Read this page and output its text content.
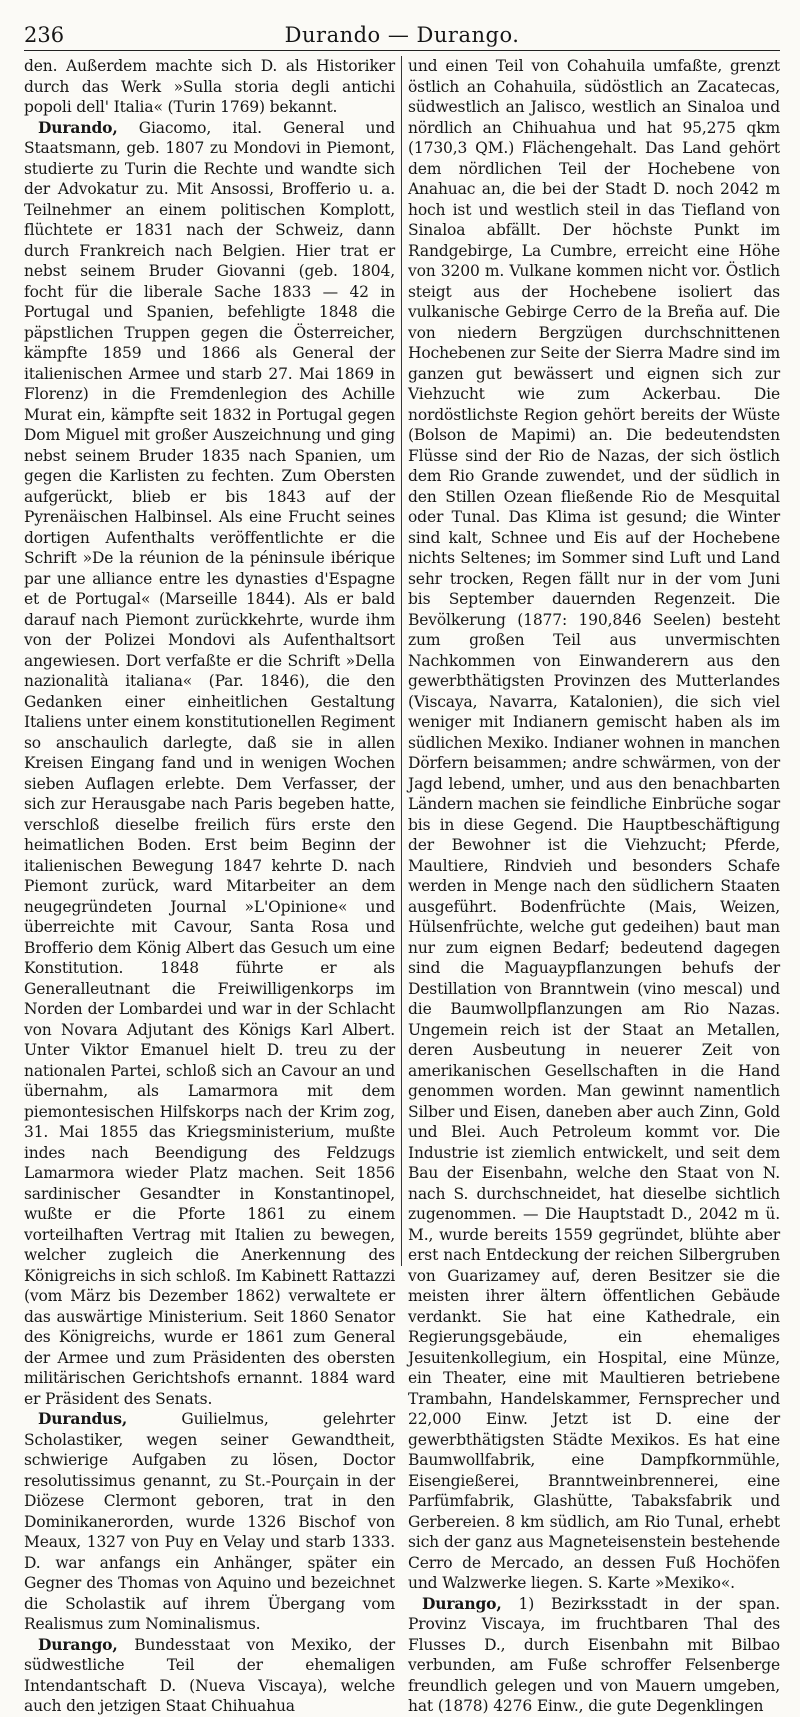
236	Durando — Durango.

den. Außerdem machte sich D. als Historiker durch das Werk »Sulla storia degli antichi popoli dell' Italia« (Turin 1769) bekannt.

Durando, Giacomo, ital. General und Staatsmann, geb. 1807 zu Mondovi in Piemont, studierte zu Turin die Rechte und wandte sich der Advokatur zu. Mit Ansossi, Brofferio u. a. Teilnehmer an einem politischen Komplott, flüchtete er 1831 nach der Schweiz, dann durch Frankreich nach Belgien. Hier trat er nebst seinem Bruder Giovanni (geb. 1804, focht für die liberale Sache 1833 — 42 in Portugal und Spanien, befehligte 1848 die päpstlichen Truppen gegen die Österreicher, kämpfte 1859 und 1866 als General der italienischen Armee und starb 27. Mai 1869 in Florenz) in die Fremdenlegion des Achille Murat ein, kämpfte seit 1832 in Portugal gegen Dom Miguel mit großer Auszeichnung und ging nebst seinem Bruder 1835 nach Spanien, um gegen die Karlisten zu fechten. Zum Obersten aufgerückt, blieb er bis 1843 auf der Pyrenäischen Halbinsel. Als eine Frucht seines dortigen Aufenthalts veröffentlichte er die Schrift »De la réunion de la péninsule ibérique par une alliance entre les dynasties d'Espagne et de Portugal« (Marseille 1844). Als er bald darauf nach Piemont zurückkehrte, wurde ihm von der Polizei Mondovi als Aufenthaltsort angewiesen. Dort verfaßte er die Schrift »Della nazionalità italiana« (Par. 1846), die den Gedanken einer einheitlichen Gestaltung Italiens unter einem konstitutionellen Regiment so anschaulich darlegte, daß sie in allen Kreisen Eingang fand und in wenigen Wochen sieben Auflagen erlebte. Dem Verfasser, der sich zur Herausgabe nach Paris begeben hatte, verschloß dieselbe freilich fürs erste den heimatlichen Boden. Erst beim Beginn der italienischen Bewegung 1847 kehrte D. nach Piemont zurück, ward Mitarbeiter an dem neugegründeten Journal »L'Opinione« und überreichte mit Cavour, Santa Rosa und Brofferio dem König Albert das Gesuch um eine Konstitution. 1848 führte er als Generalleutnant die Freiwilligenkorps im Norden der Lombardei und war in der Schlacht von Novara Adjutant des Königs Karl Albert. Unter Viktor Emanuel hielt D. treu zu der nationalen Partei, schloß sich an Cavour an und übernahm, als Lamarmora mit dem piemontesischen Hilfskorps nach der Krim zog, 31. Mai 1855 das Kriegsministerium, mußte indes nach Beendigung des Feldzugs Lamarmora wieder Platz machen. Seit 1856 sardinischer Gesandter in Konstantinopel, wußte er die Pforte 1861 zu einem vorteilhaften Vertrag mit Italien zu bewegen, welcher zugleich die Anerkennung des Königreichs in sich schloß. Im Kabinett Rattazzi (vom März bis Dezember 1862) verwaltete er das auswärtige Ministerium. Seit 1860 Senator des Königreichs, wurde er 1861 zum General der Armee und zum Präsidenten des obersten militärischen Gerichtshofs ernannt. 1884 ward er Präsident des Senats.

Durandus, Guilielmus, gelehrter Scholastiker, wegen seiner Gewandtheit, schwierige Aufgaben zu lösen, Doctor resolutissimus genannt, zu St.-Pourçain in der Diözese Clermont geboren, trat in den Dominikanerorden, wurde 1326 Bischof von Meaux, 1327 von Puy en Velay und starb 1333. D. war anfangs ein Anhänger, später ein Gegner des Thomas von Aquino und bezeichnet die Scholastik auf ihrem Übergang vom Realismus zum Nominalismus.

Durango, Bundesstaat von Mexiko, der südwestliche Teil der ehemaligen Intendantschaft D. (Nueva Viscaya), welche auch den jetzigen Staat Chihuahua

und einen Teil von Cohahuila umfaßte, grenzt östlich an Cohahuila, südöstlich an Zacatecas, südwestlich an Jalisco, westlich an Sinaloa und nördlich an Chihuahua und hat 95,275 qkm (1730,3 QM.) Flächengehalt. Das Land gehört dem nördlichen Teil der Hochebene von Anahuac an, die bei der Stadt D. noch 2042 m hoch ist und westlich steil in das Tiefland von Sinaloa abfällt. Der höchste Punkt im Randgebirge, La Cumbre, erreicht eine Höhe von 3200 m. Vulkane kommen nicht vor. Östlich steigt aus der Hochebene isoliert das vulkanische Gebirge Cerro de la Breña auf. Die von niedern Bergzügen durchschnittenen Hochebenen zur Seite der Sierra Madre sind im ganzen gut bewässert und eignen sich zur Viehzucht wie zum Ackerbau. Die nordöstlichste Region gehört bereits der Wüste (Bolson de Mapimi) an. Die bedeutendsten Flüsse sind der Rio de Nazas, der sich östlich dem Rio Grande zuwendet, und der südlich in den Stillen Ozean fließende Rio de Mesquital oder Tunal. Das Klima ist gesund; die Winter sind kalt, Schnee und Eis auf der Hochebene nichts Seltenes; im Sommer sind Luft und Land sehr trocken, Regen fällt nur in der vom Juni bis September dauernden Regenzeit. Die Bevölkerung (1877: 190,846 Seelen) besteht zum großen Teil aus unvermischten Nachkommen von Einwanderern aus den gewerbthätigsten Provinzen des Mutterlandes (Viscaya, Navarra, Katalonien), die sich viel weniger mit Indianern gemischt haben als im südlichen Mexiko. Indianer wohnen in manchen Dörfern beisammen; andre schwärmen, von der Jagd lebend, umher, und aus den benachbarten Ländern machen sie feindliche Einbrüche sogar bis in diese Gegend. Die Hauptbeschäftigung der Bewohner ist die Viehzucht; Pferde, Maultiere, Rindvieh und besonders Schafe werden in Menge nach den südlichern Staaten ausgeführt. Bodenfrüchte (Mais, Weizen, Hülsenfrüchte, welche gut gedeihen) baut man nur zum eignen Bedarf; bedeutend dagegen sind die Maguaypflanzungen behufs der Destillation von Branntwein (vino mescal) und die Baumwollpflanzungen am Rio Nazas. Ungemein reich ist der Staat an Metallen, deren Ausbeutung in neuerer Zeit von amerikanischen Gesellschaften in die Hand genommen worden. Man gewinnt namentlich Silber und Eisen, daneben aber auch Zinn, Gold und Blei. Auch Petroleum kommt vor. Die Industrie ist ziemlich entwickelt, und seit dem Bau der Eisenbahn, welche den Staat von N. nach S. durchschneidet, hat dieselbe sichtlich zugenommen. — Die Hauptstadt D., 2042 m ü. M., wurde bereits 1559 gegründet, blühte aber erst nach Entdeckung der reichen Silbergruben von Guarizamey auf, deren Besitzer sie die meisten ihrer ältern öffentlichen Gebäude verdankt. Sie hat eine Kathedrale, ein Regierungsgebäude, ein ehemaliges Jesuitenkollegium, ein Hospital, eine Münze, ein Theater, eine mit Maultieren betriebene Trambahn, Handelskammer, Fernsprecher und 22,000 Einw. Jetzt ist D. eine der gewerbthätigsten Städte Mexikos. Es hat eine Baumwollfabrik, eine Dampfkornmühle, Eisengießerei, Branntweinbrennerei, eine Parfümfabrik, Glashütte, Tabaksfabrik und Gerbereien. 8 km südlich, am Rio Tunal, erhebt sich der ganz aus Magneteisenstein bestehende Cerro de Mercado, an dessen Fuß Hochöfen und Walzwerke liegen. S. Karte »Mexiko«.

Durango, 1) Bezirksstadt in der span. Provinz Viscaya, im fruchtbaren Thal des Flusses D., durch Eisenbahn mit Bilbao verbunden, am Fuße schroffer Felsenberge freundlich gelegen und von Mauern umgeben, hat (1878) 4276 Einw., die gute Degenklingen
